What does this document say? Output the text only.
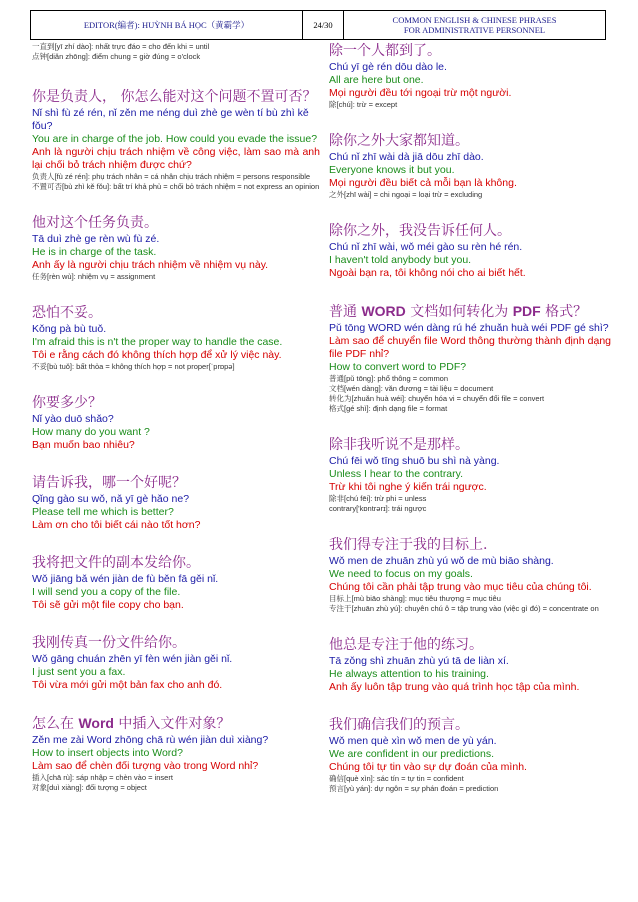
EDITOR(编者): HUỲNH BÁ HỌC（黄霸学）	24/30	COMMON ENGLISH & CHINESE PHRASES
FOR ADMINISTRATIVE PERSONNEL
一直到[yī zhí dào]: nhất trực đáo = cho đến khi = until
点钟[diǎn zhōng]: điểm chung = giờ đúng = o'clock

你是负责人， 你怎么能对这个问题不置可否？

Nǐ shì fù zé rén, nǐ zěn me néng duì zhè ge wèn tí bù zhì kě fǒu?
You are in charge of the job. How could you evade the issue?
Anh là người chịu trách nhiệm về công việc, làm sao mà anh lại chối bỏ trách nhiệm được chứ?
负责人[fù zé rén]: phụ trách nhân = cá nhân chịu trách nhiệm = persons responsible
不置可否[bù zhì kě fǒu]: bất trí khả phủ = chối bỏ trách nhiệm = not express an opinion

他对这个任务负责。

Tā duì zhè ge rèn wù fù zé.
He is in charge of the task.
Anh ấy là người chịu trách nhiệm về nhiệm vụ này.
任务[rèn wù]: nhiệm vụ = assignment

恐怕不妥。

Kǒng pà bù tuǒ.
I'm afraid this is n't the proper way to handle the case.
Tôi e rằng cách đó không thích hợp để xử lý việc này.
不妥[bù tuǒ]: bất thỏa = không thích hợp = not proper[ˈprɒpə]

你要多少？

Nǐ yào duō shǎo?
How many do you want ?
Bạn muốn bao nhiêu?

请告诉我，哪一个好呢？

Qǐng gào su wǒ, nǎ yī gè hǎo ne?
Please tell me which is better?
Làm ơn cho tôi biết cái nào tốt hơn?

我将把文件的副本发给你。

Wǒ jiāng bǎ wén jiàn de fù běn fā gěi nǐ.
I will send you a copy of the file.
Tôi sẽ gửi một file copy cho bạn.

我刚传真一份文件给你。

Wǒ gāng chuán zhēn yī fèn wén jiàn gěi nǐ.
I just sent you a fax.
Tôi vừa mới gửi một bản fax cho anh đó.

怎么在 Word 中插入文件对象？

Zěn me zài Word zhōng chā rù wén jiàn duì xiàng?
How to insert objects into Word?
Làm sao để chèn đối tượng vào trong Word nhỉ?
插入[chā rù]: sáp nhập = chèn vào = insert
对象[duì xiàng]: đối tượng = object

除一个人都到了。

Chú yī gè rén dōu dào le.
All are here but one.
Mọi người đều tới ngoại trừ một người.
除[chú]: trừ = except

除你之外大家都知道。

Chú nǐ zhī wài dà jiā dōu zhī dào.
Everyone knows it but you.
Mọi người đều biết cả mỗi bạn là không.
之外[zhī wài] = chi ngoại = loại trừ = excluding

除你之外，我没告诉任何人。

Chú nǐ zhī wài, wǒ méi gào su rèn hé rén.
I haven't told anybody but you.
Ngoài bạn ra, tôi không nói cho ai biết hết.

普通 WORD 文档如何转化为 PDF 格式？

Pǔ tōng WORD wén dàng rú hé zhuǎn huà wéi PDF gé shì?
Làm sao để chuyển file Word thông thường thành định dạng file PDF nhỉ?
How to convert word to PDF?
普通[pǔ tōng]: phổ thông = common
文档[wén dàng]: văn đương = tài liệu = document
转化为[zhuǎn huà wéi]: chuyển hóa vi = chuyển đổi file = convert
格式[gé shì]: định dạng file = format

除非我听说不是那样。

Chú fēi wǒ tīng shuō bu shì nà yàng.
Unless I hear to the contrary.
Trừ khi tôi nghe ý kiến trái ngược.
除非[chú fēi]: trừ phi = unless
contrary['kɒntrərɪ]: trái ngược

我们得专注于我的目标上.

Wǒ men de zhuān zhù yú wǒ de mù biāo shàng.
We need to focus on my goals.
Chúng tôi cần phải tập trung vào mục tiêu của chúng tôi.
目标上[mù biāo shàng]: mục tiêu thượng = mục tiêu
专注于[zhuān zhù yú]: chuyên chú ô = tập trung vào (việc gì đó) = concentrate on

他总是专注于他的练习。

Tā zǒng shì zhuān zhù yú tā de liàn xí.
He always attention to his training.
Anh ấy luôn tập trung vào quá trình học tập của mình.

我们确信我们的预言。

Wǒ men què xìn wǒ men de yù yán.
We are confident in our predictions.
Chúng tôi tự tin vào sự dự đoán của mình.
确信[què xìn]: sác tín = tự tin = confident
预言[yù yán]: dự ngôn = sự phán đoán = prediction
